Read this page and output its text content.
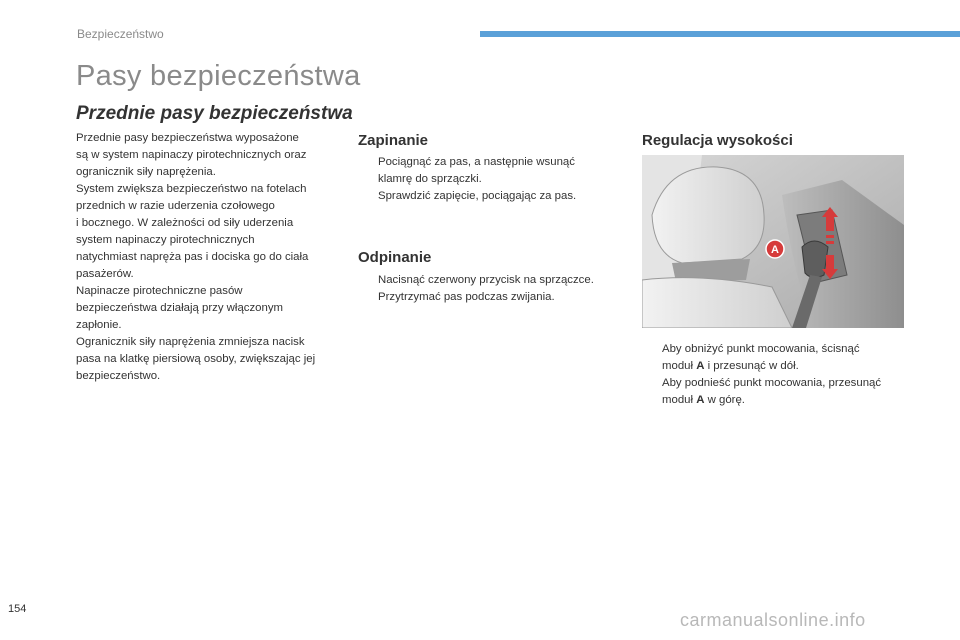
Bezpieczeństwo
Pasy bezpieczeństwa
Przednie pasy bezpieczeństwa
Przednie pasy bezpieczeństwa wyposażone
są w system napinaczy pirotechnicznych oraz
ogranicznik siły naprężenia.
System zwiększa bezpieczeństwo na fotelach
przednich w razie uderzenia czołowego
i bocznego. W zależności od siły uderzenia
system napinaczy pirotechnicznych
natychmiast napręża pas i dociska go do ciała
pasażerów.
Napinacze pirotechniczne pasów
bezpieczeństwa działają przy włączonym
zapłonie.
Ogranicznik siły naprężenia zmniejsza nacisk
pasa na klatkę piersiową osoby, zwiększając jej
bezpieczeństwo.
Zapinanie
Pociągnąć za pas, a następnie wsunąć
klamrę do sprzączki.
Sprawdzić zapięcie, pociągając za pas.
Odpinanie
Nacisnąć czerwony przycisk na sprzączce.
Przytrzymać pas podczas zwijania.
Regulacja wysokości
A
Aby obniżyć punkt mocowania, ścisnąć
moduł A i przesunąć w dół.
Aby podnieść punkt mocowania, przesunąć
moduł A w górę.
154
carmanualsonline.info
